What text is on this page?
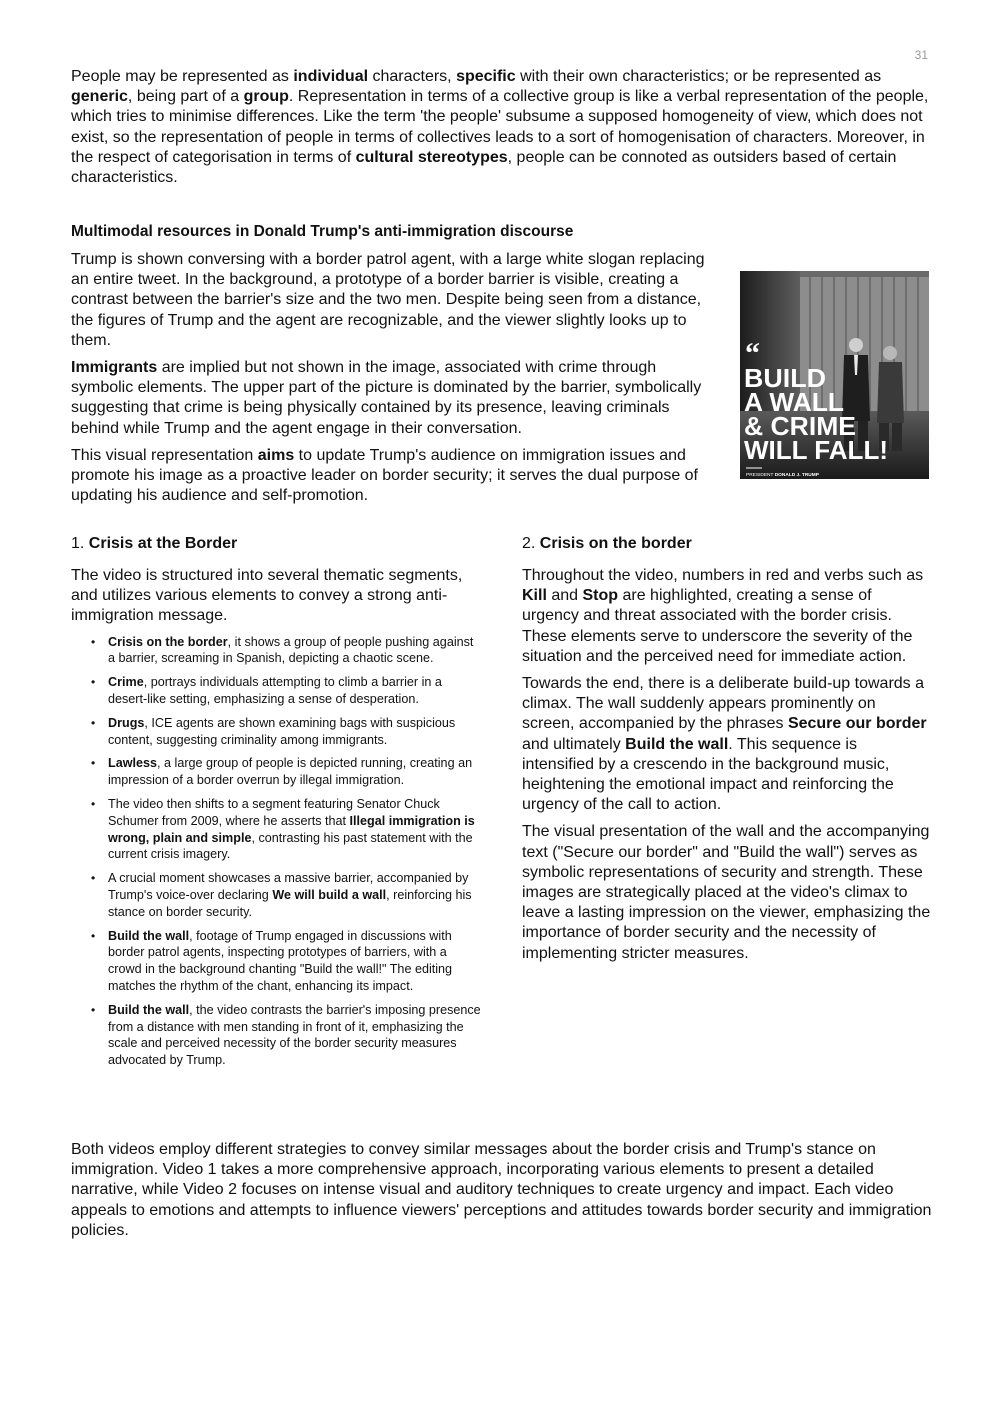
31

People may be represented as individual characters, specific with their own characteristics; or be represented as generic, being part of a group. Representation in terms of a collective group is like a verbal representation of the people, which tries to minimise differences. Like the term 'the people' subsume a supposed homogeneity of view, which does not exist, so the representation of people in terms of collectives leads to a sort of homogenisation of characters. Moreover, in the respect of categorisation in terms of cultural stereotypes, people can be connoted as outsiders based of certain characteristics.

Multimodal resources in Donald Trump's anti-immigration discourse

Trump is shown conversing with a border patrol agent, with a large white slogan replacing an entire tweet. In the background, a prototype of a border barrier is visible, creating a contrast between the barrier's size and the two men. Despite being seen from a distance, the figures of Trump and the agent are recognizable, and the viewer slightly looks up to them.

Immigrants are implied but not shown in the image, associated with crime through symbolic elements. The upper part of the picture is dominated by the barrier, symbolically suggesting that crime is being physically contained by its presence, leaving criminals behind while Trump and the agent engage in their conversation.

This visual representation aims to update Trump's audience on immigration issues and promote his image as a proactive leader on border security; it serves the dual purpose of updating his audience and self-promotion.

“
BUILD
A WALL
& CRIME
WILL FALL!
PRESIDENT DONALD J. TRUMP
1. Crisis at the Border

The video is structured into several thematic segments, and utilizes various elements to convey a strong anti-immigration message.

• Crisis on the border, it shows a group of people pushing against a barrier, screaming in Spanish, depicting a chaotic scene.
• Crime, portrays individuals attempting to climb a barrier in a desert-like setting, emphasizing a sense of desperation.
• Drugs, ICE agents are shown examining bags with suspicious content, suggesting criminality among immigrants.
• Lawless, a large group of people is depicted running, creating an impression of a border overrun by illegal immigration.
• The video then shifts to a segment featuring Senator Chuck Schumer from 2009, where he asserts that Illegal immigration is wrong, plain and simple, contrasting his past statement with the current crisis imagery.
• A crucial moment showcases a massive barrier, accompanied by Trump's voice-over declaring We will build a wall, reinforcing his stance on border security.
• Build the wall, footage of Trump engaged in discussions with border patrol agents, inspecting prototypes of barriers, with a crowd in the background chanting "Build the wall!" The editing matches the rhythm of the chant, enhancing its impact.
• Build the wall, the video contrasts the barrier's imposing presence from a distance with men standing in front of it, emphasizing the scale and perceived necessity of the border security measures advocated by Trump.
2. Crisis on the border

Throughout the video, numbers in red and verbs such as Kill and Stop are highlighted, creating a sense of urgency and threat associated with the border crisis. These elements serve to underscore the severity of the situation and the perceived need for immediate action.

Towards the end, there is a deliberate build-up towards a climax. The wall suddenly appears prominently on screen, accompanied by the phrases Secure our border and ultimately Build the wall. This sequence is intensified by a crescendo in the background music, heightening the emotional impact and reinforcing the urgency of the call to action.

The visual presentation of the wall and the accompanying text ("Secure our border" and "Build the wall") serves as symbolic representations of security and strength. These images are strategically placed at the video's climax to leave a lasting impression on the viewer, emphasizing the importance of border security and the necessity of implementing stricter measures.

Both videos employ different strategies to convey similar messages about the border crisis and Trump's stance on immigration. Video 1 takes a more comprehensive approach, incorporating various elements to present a detailed narrative, while Video 2 focuses on intense visual and auditory techniques to create urgency and impact. Each video appeals to emotions and attempts to influence viewers' perceptions and attitudes towards border security and immigration policies.
